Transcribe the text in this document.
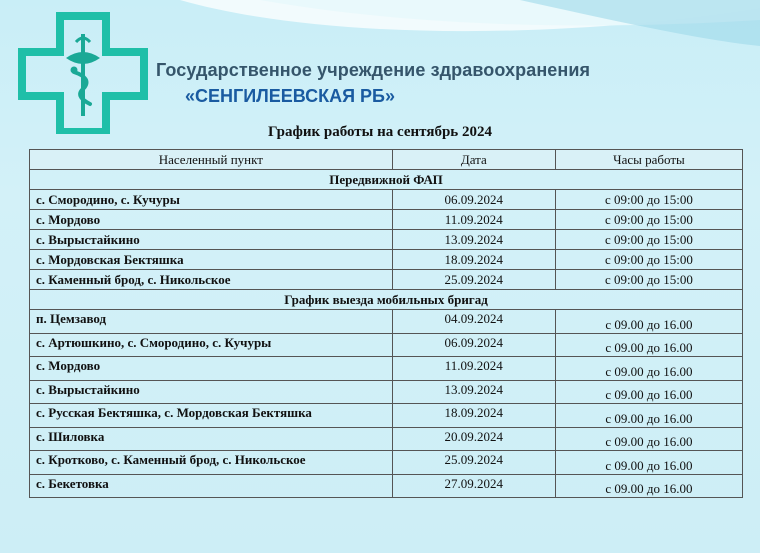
Государственное учреждение здравоохранения
«СЕНГИЛЕЕВСКАЯ РБ»
График работы на сентябрь 2024
Населенный пункт	Дата	Часы работы
Передвижной ФАП		
с. Смородино, с. Кучуры	06.09.2024	с 09:00 до 15:00
с. Мордово	11.09.2024	с 09:00 до 15:00
с. Вырыстайкино	13.09.2024	с 09:00 до 15:00
с. Мордовская Бектяшка	18.09.2024	с 09:00 до 15:00
с. Каменный брод, с. Никольское	25.09.2024	с 09:00 до 15:00
График выезда мобильных бригад		
п. Цемзавод	04.09.2024	с 09.00 до 16.00
с. Артюшкино, с. Смородино, с. Кучуры	06.09.2024	с 09.00 до 16.00
с. Мордово	11.09.2024	с 09.00 до 16.00
с. Вырыстайкино	13.09.2024	с 09.00 до 16.00
с. Русская Бектяшка, с. Мордовская Бектяшка	18.09.2024	с 09.00 до 16.00
с. Шиловка	20.09.2024	с 09.00 до 16.00
с. Кротково, с. Каменный брод, с. Никольское	25.09.2024	с 09.00 до 16.00
с. Бекетовка	27.09.2024	с 09.00 до 16.00
